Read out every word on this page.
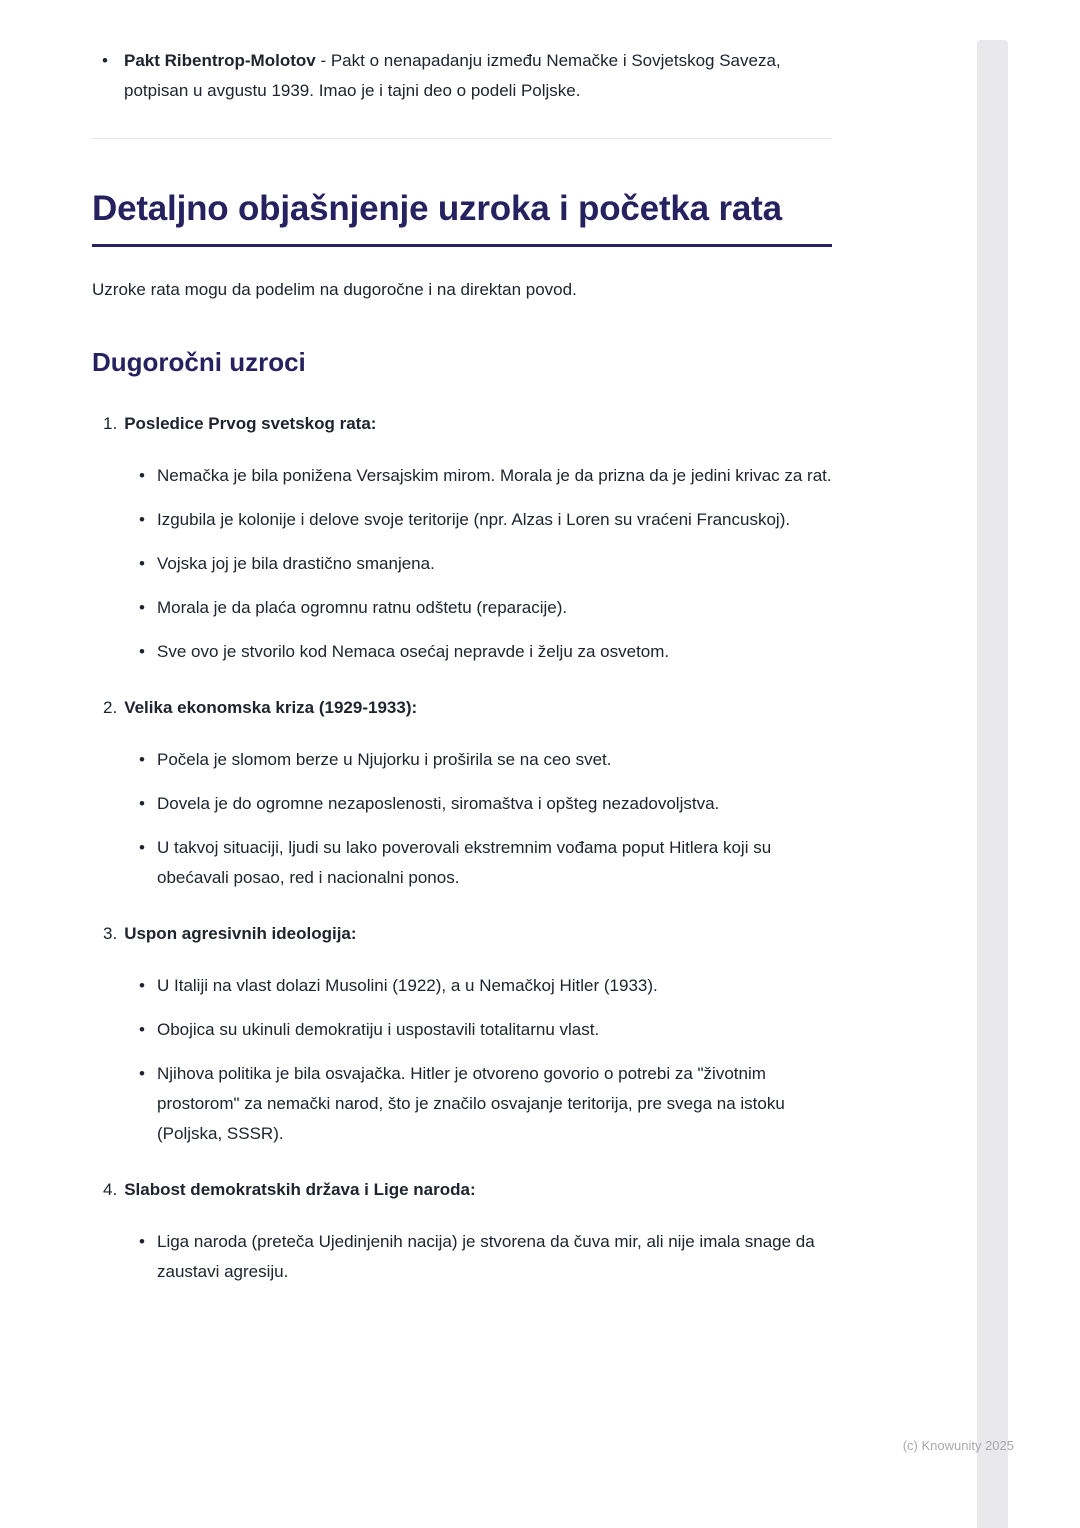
• Pakt Ribentrop-Molotov - Pakt o nenapadanju između Nemačke i Sovjetskog Saveza, potpisan u avgustu 1939. Imao je i tajni deo o podeli Poljske.

Detaljno objašnjenje uzroka i početka rata

Uzroke rata mogu da podelim na dugoročne i na direktan povod.

Dugoročni uzroci
1. Posledice Prvog svetskog rata:
• Nemačka je bila ponižena Versajskim mirom. Morala je da prizna da je jedini krivac za rat.

• Izgubila je kolonije i delove svoje teritorije (npr. Alzas i Loren su vraćeni Francuskoj).

• Vojska joj je bila drastično smanjena.

• Morala je da plaća ogromnu ratnu odštetu (reparacije).

• Sve ovo je stvorilo kod Nemaca osećaj nepravde i želju za osvetom.

2. Velika ekonomska kriza (1929-1933):
• Počela je slomom berze u Njujorku i proširila se na ceo svet.

• Dovela je do ogromne nezaposlenosti, siromaštva i opšteg nezadovoljstva.

• U takvoj situaciji, ljudi su lako poverovali ekstremnim vođama poput Hitlera koji su obećavali posao, red i nacionalni ponos.

3. Uspon agresivnih ideologija:
• U Italiji na vlast dolazi Musolini (1922), a u Nemačkoj Hitler (1933).

• Obojica su ukinuli demokratiju i uspostavili totalitarnu vlast.

• Njihova politika je bila osvajačka. Hitler je otvoreno govorio o potrebi za "životnim prostorom" za nemački narod, što je značilo osvajanje teritorija, pre svega na istoku (Poljska, SSSR).

4. Slabost demokratskih država i Lige naroda:
• Liga naroda (preteča Ujedinjenih nacija) je stvorena da čuva mir, ali nije imala snage da zaustavi agresiju.

(c) Knowunity 2025
